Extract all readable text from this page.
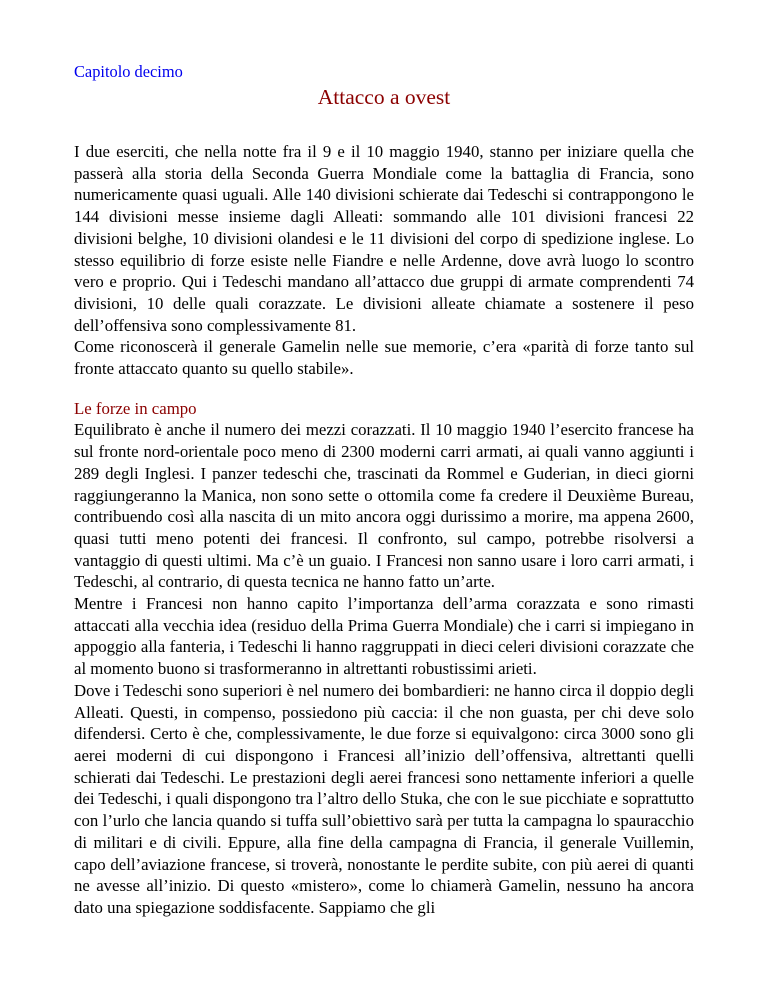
Capitolo decimo

Attacco a ovest

I due eserciti, che nella notte fra il 9 e il 10 maggio 1940, stanno per iniziare quella che passerà alla storia della Seconda Guerra Mondiale come la battaglia di Francia, sono numericamente quasi uguali. Alle 140 divisioni schierate dai Tedeschi si contrappongono le 144 divisioni messe insieme dagli Alleati: sommando alle 101 divisioni francesi 22 divisioni belghe, 10 divisioni olandesi e le 11 divisioni del corpo di spedizione inglese. Lo stesso equilibrio di forze esiste nelle Fiandre e nelle Ardenne, dove avrà luogo lo scontro vero e proprio. Qui i Tedeschi mandano all’attacco due gruppi di armate comprendenti 74 divisioni, 10 delle quali corazzate. Le divisioni alleate chiamate a sostenere il peso dell’offensiva sono complessivamente 81.

Come riconoscerà il generale Gamelin nelle sue memorie, c’era «parità di forze tanto sul fronte attaccato quanto su quello stabile».

Le forze in campo

Equilibrato è anche il numero dei mezzi corazzati. Il 10 maggio 1940 l’esercito francese ha sul fronte nord-orientale poco meno di 2300 moderni carri armati, ai quali vanno aggiunti i 289 degli Inglesi. I panzer tedeschi che, trascinati da Rommel e Guderian, in dieci giorni raggiungeranno la Manica, non sono sette o ottomila come fa credere il Deuxième Bureau, contribuendo così alla nascita di un mito ancora oggi durissimo a morire, ma appena 2600, quasi tutti meno potenti dei francesi. Il confronto, sul campo, potrebbe risolversi a vantaggio di questi ultimi. Ma c’è un guaio. I Francesi non sanno usare i loro carri armati, i Tedeschi, al contrario, di questa tecnica ne hanno fatto un’arte.

Mentre i Francesi non hanno capito l’importanza dell’arma corazzata e sono rimasti attaccati alla vecchia idea (residuo della Prima Guerra Mondiale) che i carri si impiegano in appoggio alla fanteria, i Tedeschi li hanno raggruppati in dieci celeri divisioni corazzate che al momento buono si trasformeranno in altrettanti robustissimi arieti.

Dove i Tedeschi sono superiori è nel numero dei bombardieri: ne hanno circa il doppio degli Alleati. Questi, in compenso, possiedono più caccia: il che non guasta, per chi deve solo difendersi. Certo è che, complessivamente, le due forze si equivalgono: circa 3000 sono gli aerei moderni di cui dispongono i Francesi all’inizio dell’offensiva, altrettanti quelli schierati dai Tedeschi. Le prestazioni degli aerei francesi sono nettamente inferiori a quelle dei Tedeschi, i quali dispongono tra l’altro dello Stuka, che con le sue picchiate e soprattutto con l’urlo che lancia quando si tuffa sull’obiettivo sarà per tutta la campagna lo spauracchio di militari e di civili. Eppure, alla fine della campagna di Francia, il generale Vuillemin, capo dell’aviazione francese, si troverà, nonostante le perdite subite, con più aerei di quanti ne avesse all’inizio. Di questo «mistero», come lo chiamerà Gamelin, nessuno ha ancora dato una spiegazione soddisfacente. Sappiamo che gli
